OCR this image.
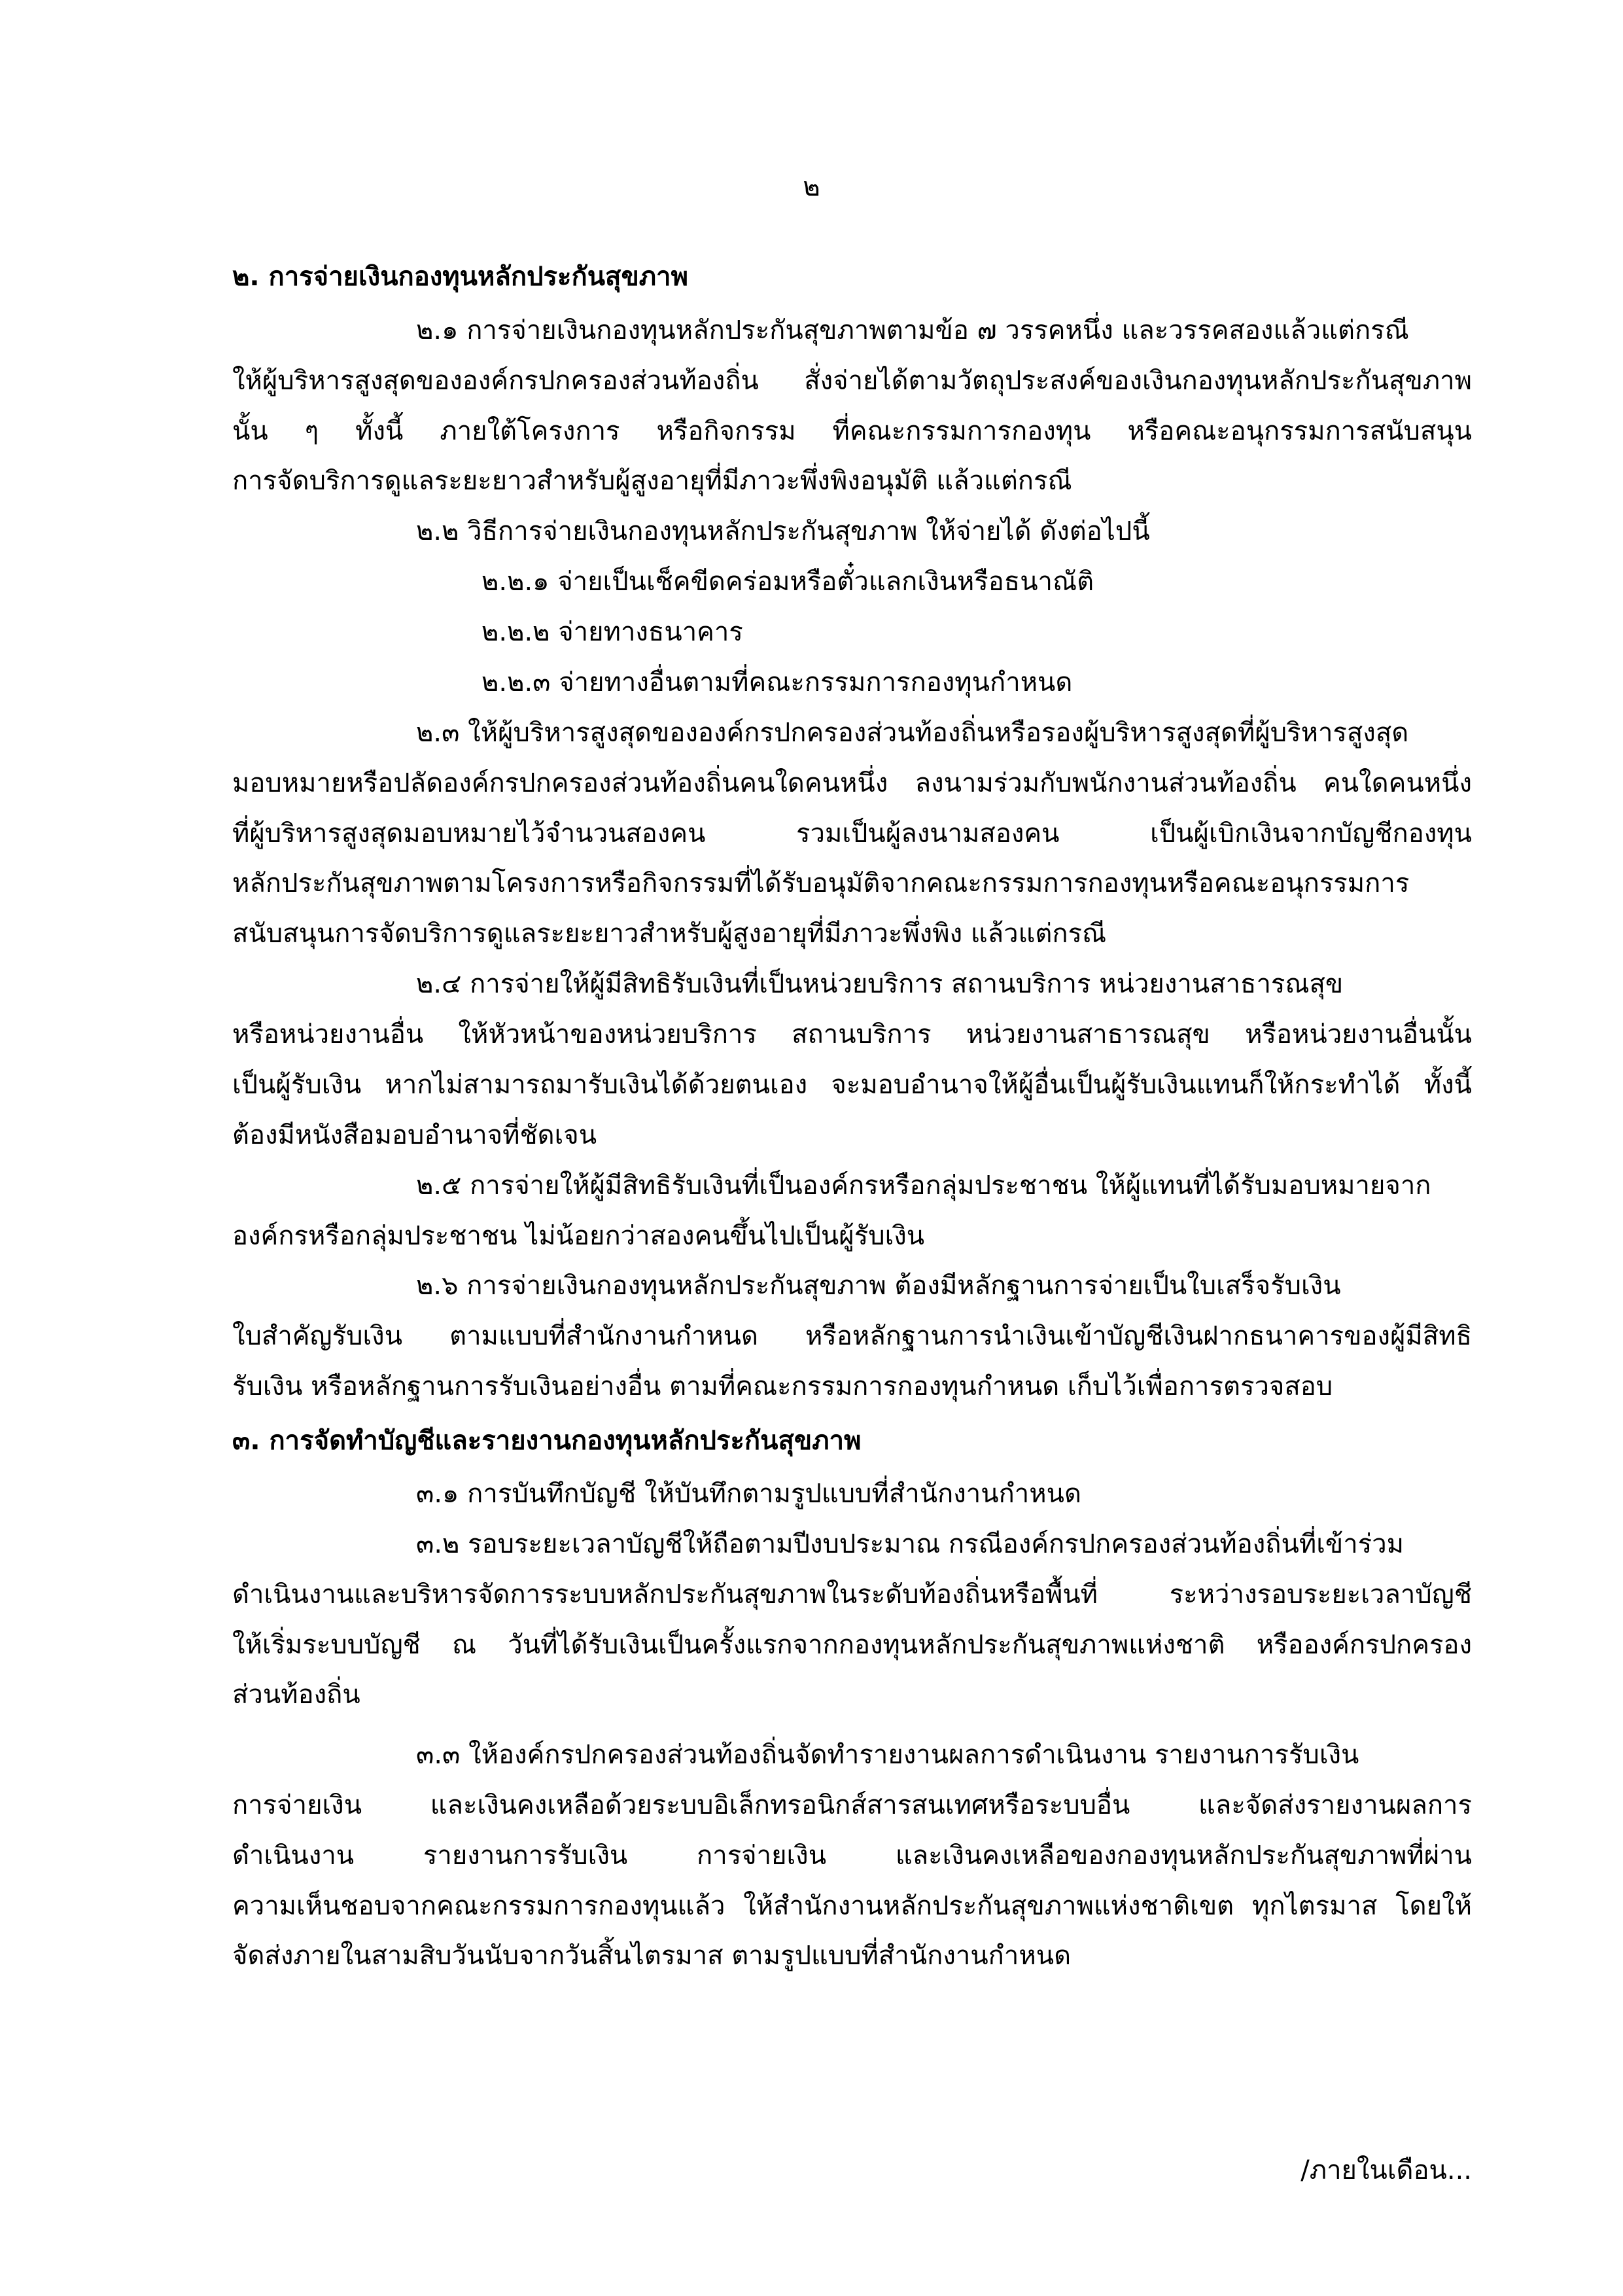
๒

๒. การจ่ายเงินกองทุนหลักประกันสุขภาพ

๒.๑ การจ่ายเงินกองทุนหลักประกันสุขภาพตามข้อ ๗ วรรคหนึ่ง และวรรคสองแล้วแต่กรณี

ให้ผู้บริหารสูงสุดขององค์กรปกครองส่วนท้องถิ่น สั่งจ่ายได้ตามวัตถุประสงค์ของเงินกองทุนหลักประกันสุขภาพ

นั้น ๆ ทั้งนี้ ภายใต้โครงการ หรือกิจกรรม ที่คณะกรรมการกองทุน หรือคณะอนุกรรมการสนับสนุน

การจัดบริการดูแลระยะยาวสำหรับผู้สูงอายุที่มีภาวะพึ่งพิงอนุมัติ แล้วแต่กรณี

๒.๒ วิธีการจ่ายเงินกองทุนหลักประกันสุขภาพ ให้จ่ายได้ ดังต่อไปนี้

๒.๒.๑ จ่ายเป็นเช็คขีดคร่อมหรือตั๋วแลกเงินหรือธนาณัติ

๒.๒.๒ จ่ายทางธนาคาร

๒.๒.๓ จ่ายทางอื่นตามที่คณะกรรมการกองทุนกำหนด

๒.๓ ให้ผู้บริหารสูงสุดขององค์กรปกครองส่วนท้องถิ่นหรือรองผู้บริหารสูงสุดที่ผู้บริหารสูงสุด

มอบหมายหรือปลัดองค์กรปกครองส่วนท้องถิ่นคนใดคนหนึ่ง ลงนามร่วมกับพนักงานส่วนท้องถิ่น คนใดคนหนึ่ง

ที่ผู้บริหารสูงสุดมอบหมายไว้จำนวนสองคน รวมเป็นผู้ลงนามสองคน เป็นผู้เบิกเงินจากบัญชีกองทุน

หลักประกันสุขภาพตามโครงการหรือกิจกรรมที่ได้รับอนุมัติจากคณะกรรมการกองทุนหรือคณะอนุกรรมการ

สนับสนุนการจัดบริการดูแลระยะยาวสำหรับผู้สูงอายุที่มีภาวะพึ่งพิง แล้วแต่กรณี

๒.๔ การจ่ายให้ผู้มีสิทธิรับเงินที่เป็นหน่วยบริการ สถานบริการ หน่วยงานสาธารณสุข

หรือหน่วยงานอื่น ให้หัวหน้าของหน่วยบริการ สถานบริการ หน่วยงานสาธารณสุข หรือหน่วยงานอื่นนั้น

เป็นผู้รับเงิน หากไม่สามารถมารับเงินได้ด้วยตนเอง จะมอบอำนาจให้ผู้อื่นเป็นผู้รับเงินแทนก็ให้กระทำได้ ทั้งนี้

ต้องมีหนังสือมอบอำนาจที่ชัดเจน

๒.๕ การจ่ายให้ผู้มีสิทธิรับเงินที่เป็นองค์กรหรือกลุ่มประชาชน ให้ผู้แทนที่ได้รับมอบหมายจาก

องค์กรหรือกลุ่มประชาชน ไม่น้อยกว่าสองคนขึ้นไปเป็นผู้รับเงิน

๒.๖ การจ่ายเงินกองทุนหลักประกันสุขภาพ ต้องมีหลักฐานการจ่ายเป็นใบเสร็จรับเงิน

ใบสำคัญรับเงิน ตามแบบที่สำนักงานกำหนด หรือหลักฐานการนำเงินเข้าบัญชีเงินฝากธนาคารของผู้มีสิทธิ

รับเงิน หรือหลักฐานการรับเงินอย่างอื่น ตามที่คณะกรรมการกองทุนกำหนด เก็บไว้เพื่อการตรวจสอบ

๓. การจัดทำบัญชีและรายงานกองทุนหลักประกันสุขภาพ

๓.๑ การบันทึกบัญชี ให้บันทึกตามรูปแบบที่สำนักงานกำหนด

๓.๒ รอบระยะเวลาบัญชีให้ถือตามปีงบประมาณ กรณีองค์กรปกครองส่วนท้องถิ่นที่เข้าร่วม

ดำเนินงานและบริหารจัดการระบบหลักประกันสุขภาพในระดับท้องถิ่นหรือพื้นที่ ระหว่างรอบระยะเวลาบัญชี

ให้เริ่มระบบบัญชี ณ วันที่ได้รับเงินเป็นครั้งแรกจากกองทุนหลักประกันสุขภาพแห่งชาติ หรือองค์กรปกครอง

ส่วนท้องถิ่น

๓.๓ ให้องค์กรปกครองส่วนท้องถิ่นจัดทำรายงานผลการดำเนินงาน รายงานการรับเงิน

การจ่ายเงิน และเงินคงเหลือด้วยระบบอิเล็กทรอนิกส์สารสนเทศหรือระบบอื่น และจัดส่งรายงานผลการ

ดำเนินงาน รายงานการรับเงิน การจ่ายเงิน และเงินคงเหลือของกองทุนหลักประกันสุขภาพที่ผ่าน

ความเห็นชอบจากคณะกรรมการกองทุนแล้ว ให้สำนักงานหลักประกันสุขภาพแห่งชาติเขต ทุกไตรมาส โดยให้

จัดส่งภายในสามสิบวันนับจากวันสิ้นไตรมาส ตามรูปแบบที่สำนักงานกำหนด

/ภายในเดือน...
